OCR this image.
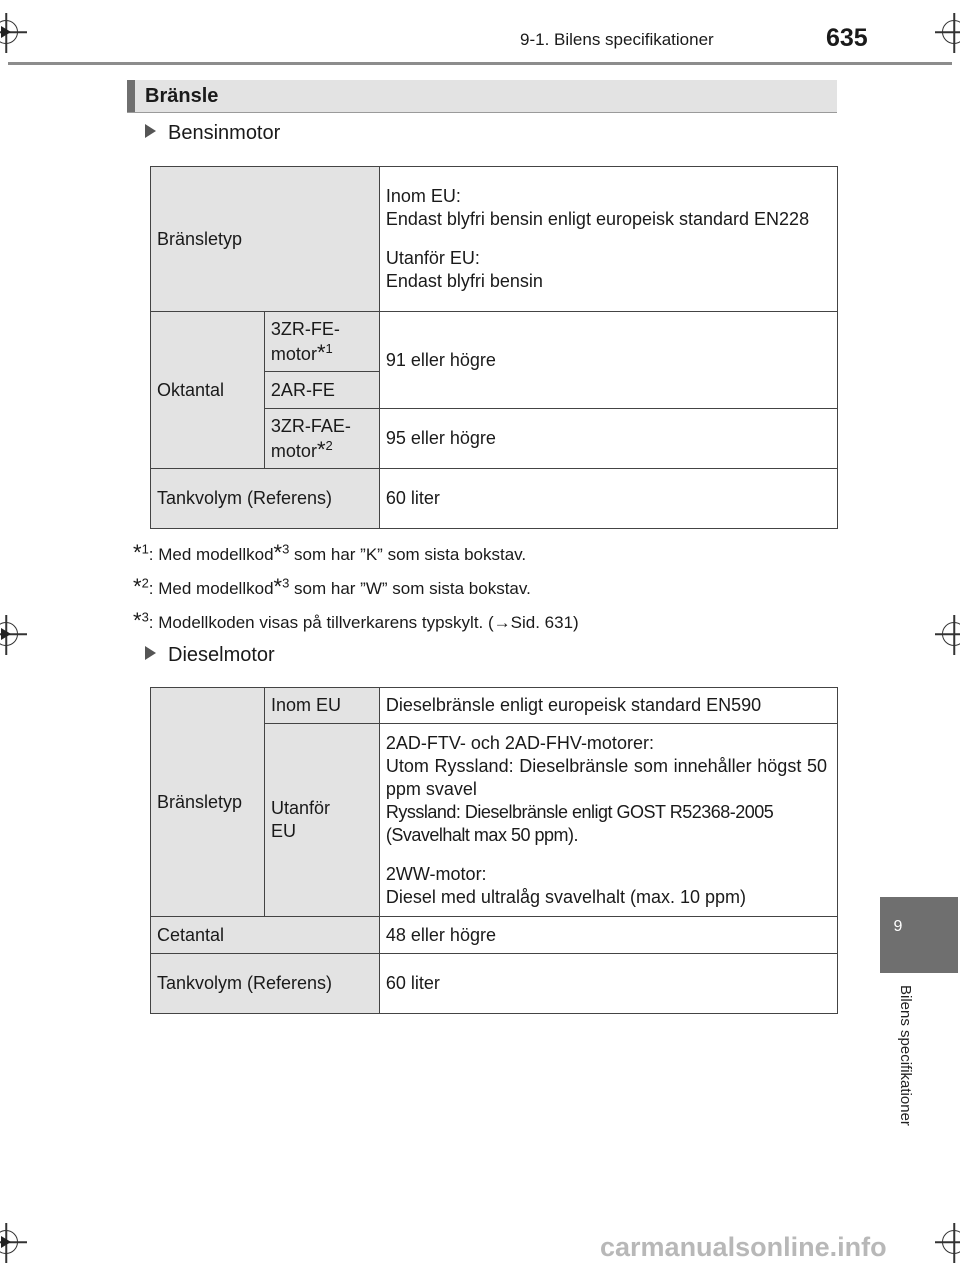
9-1. Bilens specifikationer	635
9
Bilens specifikationer
Bränsle
Bensinmotor
Bränsletyp		Inom EU:

Endast blyfri bensin enligt europeisk standard EN228

Utanför EU:

Endast blyfri bensin

Oktantal	3ZR-FE-motor*$^1$	91 eller högre
	2AR-FE	
	3ZR-FAE-motor*$^2$	95 eller högre
Tankvolym (Referens)		60 liter
*$^1$: Med modellkod*$^3$ som har ”K” som sista bokstav.
*$^2$: Med modellkod*$^3$ som har ”W” som sista bokstav.
*$^3$: Modellkoden visas på tillverkarens typskylt. (→Sid. 631)
Dieselmotor
Bränsletyp	Inom EU	Dieselbränsle enligt europeisk standard EN590
	Utanför EU	2AD-FTV- och 2AD-FHV-motorer:

Utom Ryssland: Dieselbränsle som innehåller högst 50 ppm svavel

Ryssland: Dieselbränsle enligt GOST R52368-2005 (Svavelhalt max 50 ppm).

2WW-motor:

Diesel med ultralåg svavelhalt (max. 10 ppm)

Cetantal		48 eller högre
Tankvolym (Referens)		60 liter
carmanualsonline.info
